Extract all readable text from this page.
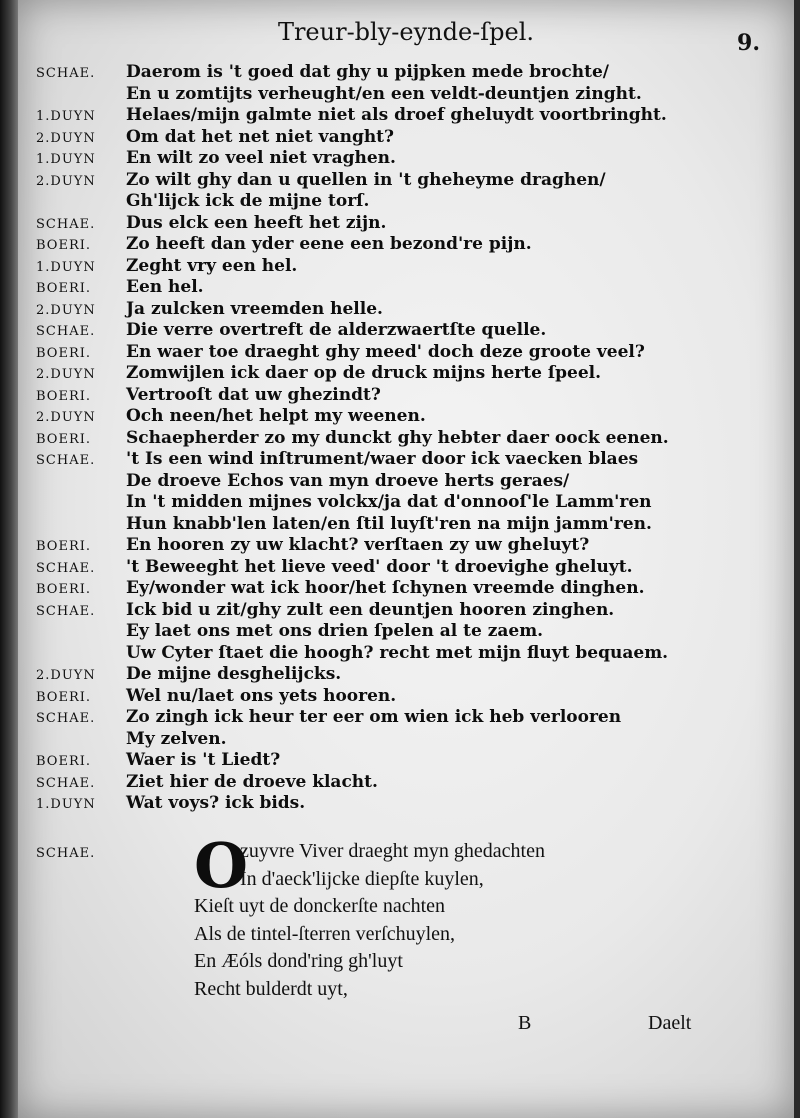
Treur-bly-eynde-ſpel.	9.
SCHAE.	Daerom is 't goed dat ghy u pijpken mede brochte/
En u zomtijts verheught/en een veldt-deuntjen zinght.
1.DUYN	Helaes/mijn galmte niet als droef gheluydt voortbringht.
2.DUYN	Om dat het net niet vanght?
1.DUYN	En wilt zo veel niet vraghen.
2.DUYN	Zo wilt ghy dan u quellen in 't gheheyme draghen/
Gh'lijck ick de mijne torſ.
SCHAE.	Dus elck een heeft het zijn.
BOERI.	Zo heeft dan yder eene een bezond're pijn.
1.DUYN	Zeght vry een hel.
BOERI.	Een hel.
2.DUYN	Ja zulcken vreemden helle.
SCHAE.	Die verre overtreft de alderzwaertſte quelle.
BOERI.	En waer toe draeght ghy meed' doch deze groote veel?
2.DUYN	Zomwijlen ick daer op de druck mijns herte ſpeel.
BOERI.	Vertrooſt dat uw ghezindt?
2.DUYN	Och neen/het helpt my weenen.
BOERI.	Schaepherder zo my dunckt ghy hebter daer oock eenen.
SCHAE.	't Is een wind inſtrument/waer door ick vaecken blaes
De droeve Echos van myn droeve herts geraes/
In 't midden mijnes volckx/ja dat d'onnooſ'le Lamm'ren
Hun knabb'len laten/en ſtil luyſt'ren na mijn jamm'ren.
BOERI.	En hooren zy uw klacht? verſtaen zy uw gheluyt?
SCHAE.	't Beweeght het lieve veed' door 't droevighe gheluyt.
BOERI.	Ey/wonder wat ick hoor/het ſchynen vreemde dinghen.
SCHAE.	Ick bid u zit/ghy zult een deuntjen hooren zinghen.
Ey laet ons met ons drien ſpelen al te zaem.
Uw Cyter ſtaet die hoogh? recht met mijn fluyt bequaem.
2.DUYN	De mijne desghelijcks.
BOERI.	Wel nu/laet ons yets hooren.
SCHAE.	Zo zingh ick heur ter eer om wien ick heb verlooren
My zelven.
BOERI.	Waer is 't Liedt?
SCHAE.	Ziet hier de droeve klacht.
1.DUYN	Wat voys? ick bids.
SCHAE.	O
zuyvre Viver draeght myn ghedachten
In d'aeck'lijcke diepſte kuylen,
Kieſt uyt de donckerſte nachten
Als de tintel-ſterren verſchuylen,
En Æóls dond'ring gh'luyt
Recht bulderdt uyt,
B	Daelt
